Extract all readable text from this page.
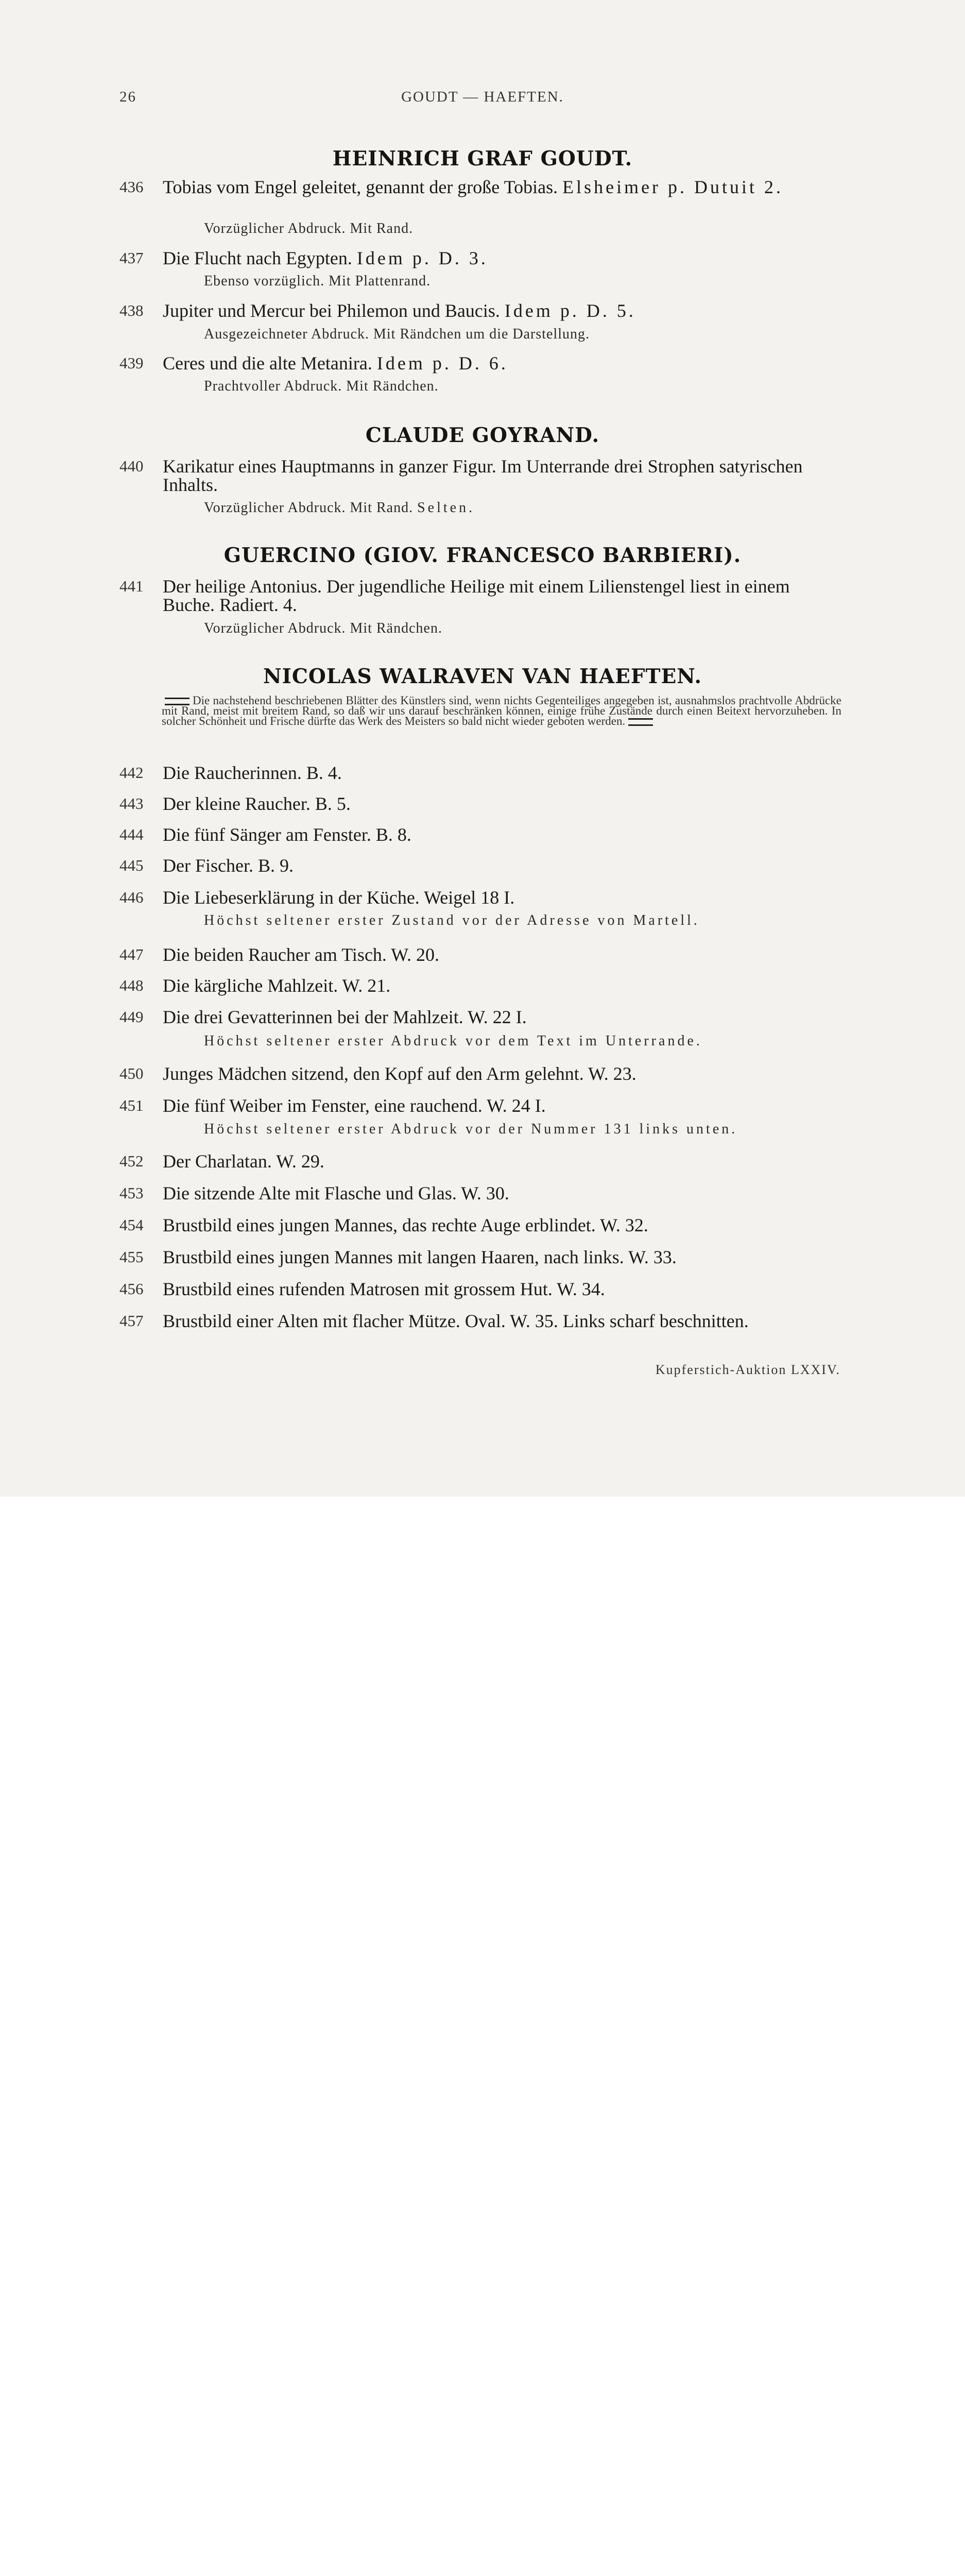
26	GOUDT — HAEFTEN.
HEINRICH GRAF GOUDT.
436	Tobias vom Engel geleitet, genannt der große Tobias. Elsheimer p. Dutuit 2.
Vorzüglicher Abdruck. Mit Rand.
437	Die Flucht nach Egypten. Idem p. D. 3.
Ebenso vorzüglich. Mit Plattenrand.
438	Jupiter und Mercur bei Philemon und Baucis. Idem p. D. 5.
Ausgezeichneter Abdruck. Mit Rändchen um die Darstellung.
439	Ceres und die alte Metanira. Idem p. D. 6.
Prachtvoller Abdruck. Mit Rändchen.
CLAUDE GOYRAND.
440	Karikatur eines Hauptmanns in ganzer Figur. Im Unterrande drei Strophen satyrischen Inhalts.
Vorzüglicher Abdruck. Mit Rand. Selten.
GUERCINO (GIOV. FRANCESCO BARBIERI).
441	Der heilige Antonius. Der jugendliche Heilige mit einem Lilienstengel liest in einem Buche. Radiert. 4.
Vorzüglicher Abdruck. Mit Rändchen.
NICOLAS WALRAVEN VAN HAEFTEN.
Die nachstehend beschriebenen Blätter des Künstlers sind, wenn nichts Gegenteiliges angegeben ist, ausnahmslos prachtvolle Abdrücke mit Rand, meist mit breitem Rand, so daß wir uns darauf beschränken können, einige frühe Zustände durch einen Beitext hervorzuheben. In solcher Schönheit und Frische dürfte das Werk des Meisters so bald nicht wieder geboten werden.
442	Die Raucherinnen. B. 4.
443	Der kleine Raucher. B. 5.
444	Die fünf Sänger am Fenster. B. 8.
445	Der Fischer. B. 9.
446	Die Liebeserklärung in der Küche. Weigel 18 I.
Höchst seltener erster Zustand vor der Adresse von Martell.
447	Die beiden Raucher am Tisch. W. 20.
448	Die kärgliche Mahlzeit. W. 21.
449	Die drei Gevatterinnen bei der Mahlzeit. W. 22 I.
Höchst seltener erster Abdruck vor dem Text im Unterrande.
450	Junges Mädchen sitzend, den Kopf auf den Arm gelehnt. W. 23.
451	Die fünf Weiber im Fenster, eine rauchend. W. 24 I.
Höchst seltener erster Abdruck vor der Nummer 131 links unten.
452	Der Charlatan. W. 29.
453	Die sitzende Alte mit Flasche und Glas. W. 30.
454	Brustbild eines jungen Mannes, das rechte Auge erblindet. W. 32.
455	Brustbild eines jungen Mannes mit langen Haaren, nach links. W. 33.
456	Brustbild eines rufenden Matrosen mit grossem Hut. W. 34.
457	Brustbild einer Alten mit flacher Mütze. Oval. W. 35. Links scharf beschnitten.
Kupferstich-Auktion LXXIV.
